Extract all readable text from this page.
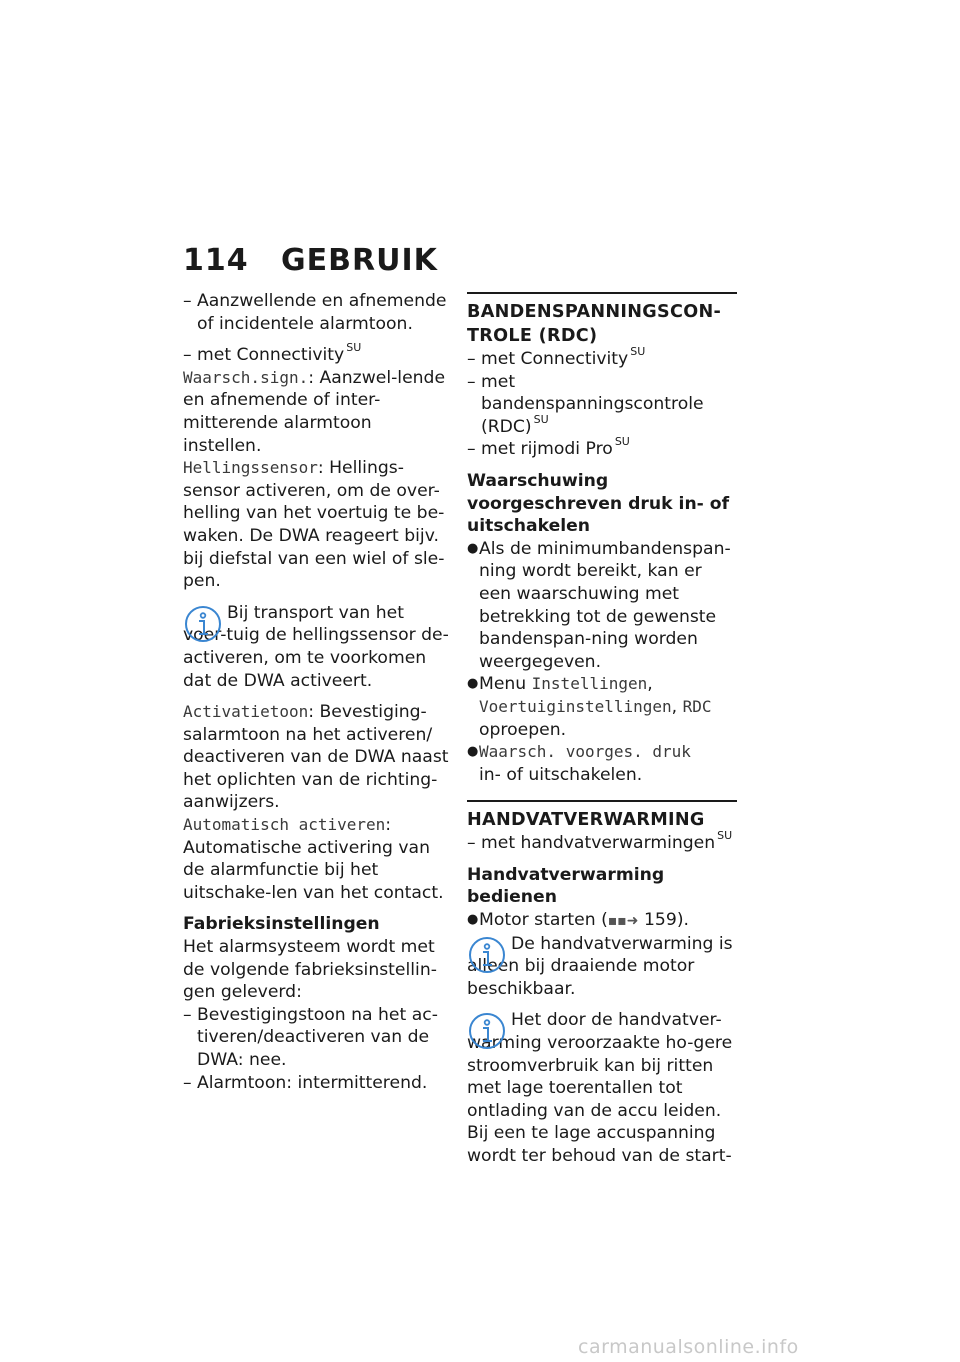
114 GEBRUIK
– Aanzwellende en afnemende of incidentele alarmtoon.
– met Connectivity $^{SU}$

Waarsch.sign.: Aanzwel-lende en afnemende of inter-mitterende alarmtoon instellen.

Hellingssensor: Hellings-sensor activeren, om de over-helling van het voertuig te be-waken. De DWA reageert bijv. bij diefstal van een wiel of sle-pen.

Bij transport van het voer-tuig de hellingssensor de-activeren, om te voorkomen dat de DWA activeert.

Activatietoon: Bevestiging-salarmtoon na het activeren/ deactiveren van de DWA naast het oplichten van de richting-aanwijzers.

Automatisch activeren:
Automatische activering van de alarmfunctie bij het uitschake-len van het contact.

Fabrieksinstellingen

Het alarmsysteem wordt met de volgende fabrieksinstellin-gen geleverd:

– Bevestigingstoon na het ac-tiveren/deactiveren van de DWA: nee.
– Alarmtoon: intermitterend.

BANDENSPANNINGSCON-TROLE (RDC)

– met Connectivity $^{SU}$
– met bandenspanningscontrole (RDC) $^{SU}$
– met rijmodi Pro $^{SU}$

Waarschuwing voorgeschreven druk in- of uitschakelen

● Als de minimumbandenspan-ning wordt bereikt, kan er een waarschuwing met betrekking tot de gewenste bandenspan-ning worden weergegeven.
● Menu Instellingen, Voertuiginstellingen, RDC oproepen.
● Waarsch. voorges. druk
in- of uitschakelen.

HANDVATVERWARMING

– met handvatverwarmingen $^{SU}$

Handvatverwarming bedienen

● Motor starten (▪▪➜ 159).

De handvatverwarming is alleen bij draaiende motor beschikbaar.

Het door de handvatver-warming veroorzaakte ho-gere stroomverbruik kan bij ritten met lage toerentallen tot ontlading van de accu leiden. Bij een te lage accuspanning wordt ter behoud van de start-

carmanualsonline.info
